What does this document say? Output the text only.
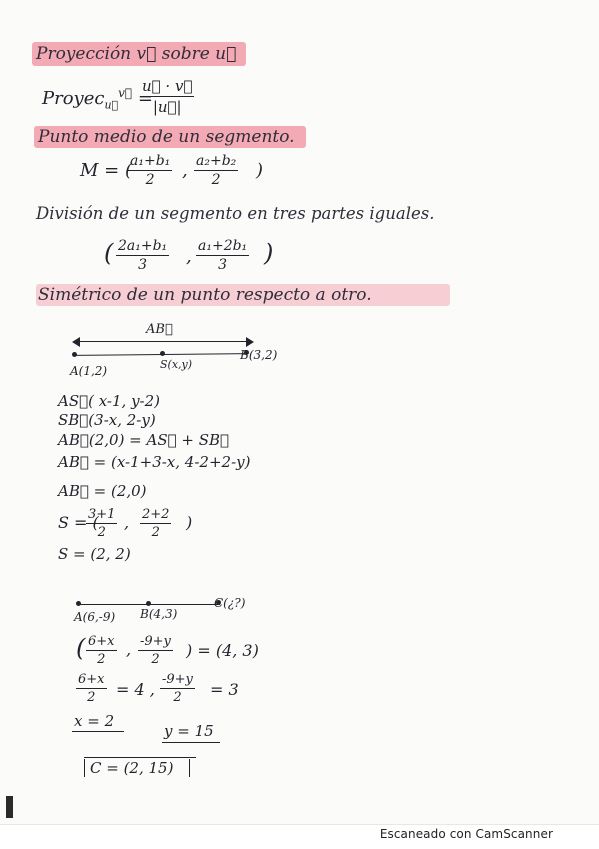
Proyección v⃗ sobre u⃗
Proyec$_{u⃗}^{v⃗}$ =
$\frac{u⃗ \cdot v⃗}{|u⃗|}$
Punto medio de un segmento.
M = (
$\frac{\text{a₁+b₁}}{2}$ , $\frac{\text{a₂+b₂}}{2}$ )
División de un segmento en tres partes iguales.
( $\frac{\text{2a₁+b₁}}{3}$ , $\frac{\text{a₁+2b₁}}{3}$ )
Simétrico de un punto respecto a otro.
AB⃗
A(1,2)	S(x,y)
B(3,2)
AS⃗( x-1, y-2)
SB⃗(3-x, 2-y)
AB⃗(2,0) = AS⃗ + SB⃗
AB⃗ = (x-1+3-x, 4-2+2-y)
AB⃗ = (2,0)
S = (
$\frac{3+1}{2}$ , $\frac{2+2}{2}$ )
S = (2, 2)
A(6,-9) B(4,3)
C(¿?)
( $\frac{6+x}{2}$ , $\frac{-9+y}{2}$ ) = (4, 3)
$\frac{6+x}{2} = 4$ , $\frac{-9+y}{2} = 3$
x = 2
y = 15
C = (2, 15)
Escaneado con CamScanner
